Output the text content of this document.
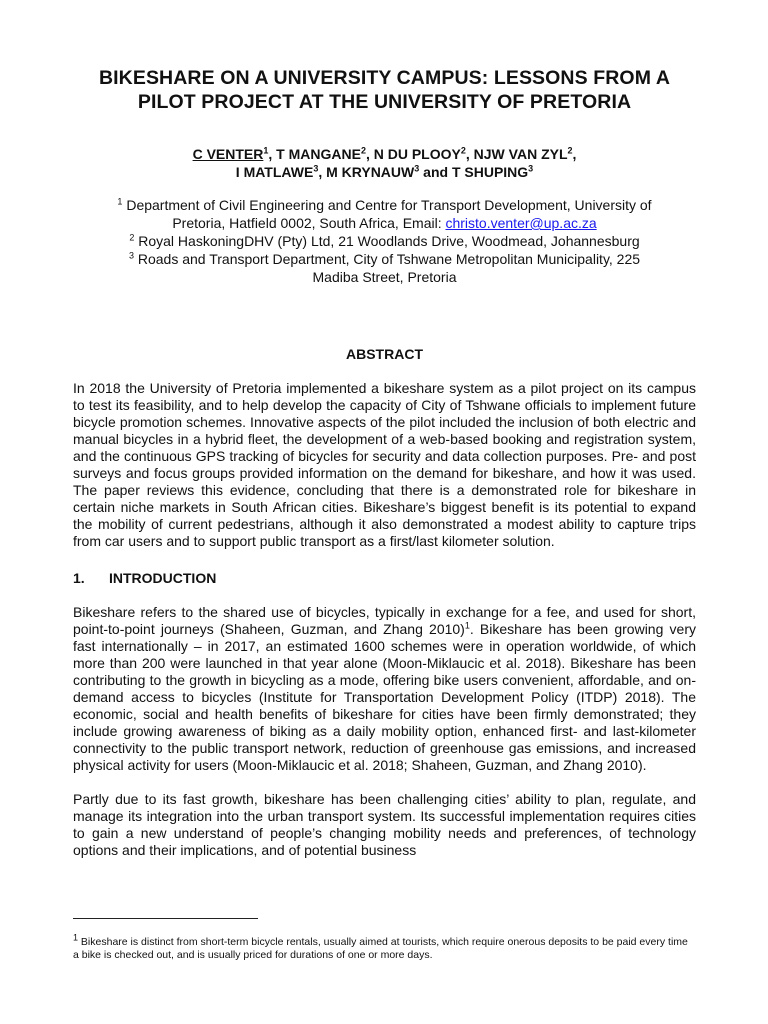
BIKESHARE ON A UNIVERSITY CAMPUS: LESSONS FROM A
PILOT PROJECT AT THE UNIVERSITY OF PRETORIA

C VENTER$^1$, T MANGANE$^2$, N DU PLOOY$^2$, NJW VAN ZYL$^2$,
I MATLAWE$^3$, M KRYNAUW$^3$ and T SHUPING$^3$

$^1$ Department of Civil Engineering and Centre for Transport Development, University of
Pretoria, Hatfield 0002, South Africa, Email: christo.venter@up.ac.za

$^2$ Royal HaskoningDHV (Pty) Ltd, 21 Woodlands Drive, Woodmead, Johannesburg

$^3$ Roads and Transport Department, City of Tshwane Metropolitan Municipality, 225
Madiba Street, Pretoria

ABSTRACT

In 2018 the University of Pretoria implemented a bikeshare system as a pilot project on its campus to test its feasibility, and to help develop the capacity of City of Tshwane officials to implement future bicycle promotion schemes. Innovative aspects of the pilot included the inclusion of both electric and manual bicycles in a hybrid fleet, the development of a web-based booking and registration system, and the continuous GPS tracking of bicycles for security and data collection purposes. Pre- and post surveys and focus groups provided information on the demand for bikeshare, and how it was used. The paper reviews this evidence, concluding that there is a demonstrated role for bikeshare in certain niche markets in South African cities. Bikeshare’s biggest benefit is its potential to expand the mobility of current pedestrians, although it also demonstrated a modest ability to capture trips from car users and to support public transport as a first/last kilometer solution.

1.	INTRODUCTION

Bikeshare refers to the shared use of bicycles, typically in exchange for a fee, and used for short, point-to-point journeys (Shaheen, Guzman, and Zhang 2010)$^1$. Bikeshare has been growing very fast internationally – in 2017, an estimated 1600 schemes were in operation worldwide, of which more than 200 were launched in that year alone (Moon-Miklaucic et al. 2018). Bikeshare has been contributing to the growth in bicycling as a mode, offering bike users convenient, affordable, and on-demand access to bicycles (Institute for Transportation Development Policy (ITDP) 2018). The economic, social and health benefits of bikeshare for cities have been firmly demonstrated; they include growing awareness of biking as a daily mobility option, enhanced first- and last-kilometer connectivity to the public transport network, reduction of greenhouse gas emissions, and increased physical activity for users (Moon-Miklaucic et al. 2018; Shaheen, Guzman, and Zhang 2010).

Partly due to its fast growth, bikeshare has been challenging cities’ ability to plan, regulate, and manage its integration into the urban transport system. Its successful implementation requires cities to gain a new understand of people’s changing mobility needs and preferences, of technology options and their implications, and of potential business

$^1$ Bikeshare is distinct from short-term bicycle rentals, usually aimed at tourists, which require onerous deposits to be paid every time a bike is checked out, and is usually priced for durations of one or more days.
